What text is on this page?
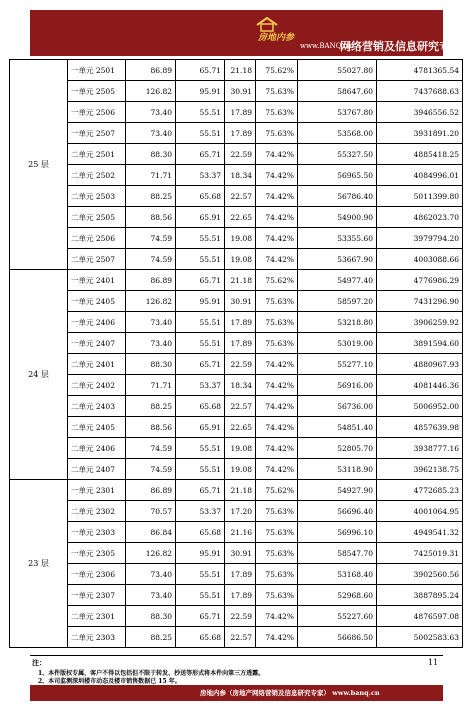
房地内参
www.BANQ.cn
网络营销及信息研究专家
25 层	一单元 2501	86.89	65.71	21.18	75.62%	55027.80	4781365.54
	一单元 2505	126.82	95.91	30.91	75.63%	58647.60	7437688.63
	一单元 2506	73.40	55.51	17.89	75.63%	53767.80	3946556.52
	一单元 2507	73.40	55.51	17.89	75.63%	53568.00	3931891.20
	二单元 2501	88.30	65.71	22.59	74.42%	55327.50	4885418.25
	二单元 2502	71.71	53.37	18.34	74.42%	56965.50	4084996.01
	二单元 2503	88.25	65.68	22.57	74.42%	56786.40	5011399.80
	二单元 2505	88.56	65.91	22.65	74.42%	54900.90	4862023.70
	二单元 2506	74.59	55.51	19.08	74.42%	53355.60	3979794.20
	二单元 2507	74.59	55.51	19.08	74.42%	53667.90	4003088.66
24 层	一单元 2401	86.89	65.71	21.18	75.62%	54977.40	4776986.29
	一单元 2405	126.82	95.91	30.91	75.63%	58597.20	7431296.90
	一单元 2406	73.40	55.51	17.89	75.63%	53218.80	3906259.92
	一单元 2407	73.40	55.51	17.89	75.63%	53019.00	3891594.60
	二单元 2401	88.30	65.71	22.59	74.42%	55277.10	4880967.93
	二单元 2402	71.71	53.37	18.34	74.42%	56916.00	4081446.36
	二单元 2403	88.25	65.68	22.57	74.42%	56736.00	5006952.00
	二单元 2405	88.56	65.91	22.65	74.42%	54851.40	4857639.98
	二单元 2406	74.59	55.51	19.08	74.42%	52805.70	3938777.16
	二单元 2407	74.59	55.51	19.08	74.42%	53118.90	3962138.75
23 层	一单元 2301	86.89	65.71	21.18	75.62%	54927.90	4772685.23
	二单元 2302	70.57	53.37	17.20	75.63%	56696.40	4001064.95
	一单元 2303	86.84	65.68	21.16	75.63%	56996.10	4949541.32
	一单元 2305	126.82	95.91	30.91	75.63%	58547.70	7425019.31
	一单元 2306	73.40	55.51	17.89	75.63%	53168.40	3902560.56
	一单元 2307	73.40	55.51	17.89	75.63%	52968.60	3887895.24
	二单元 2301	88.30	65.71	22.59	74.42%	55227.60	4876597.08
	二单元 2303	88.25	65.68	22.57	74.42%	56686.50	5002583.63
注：	11
1、本件版权专属，客户不得以包括但不限于转发、抄送等形式将本件向第三方透露。
2、本司监测深圳楼市动态及楼市销售数据已 15 年。
房地内参（房地产网络营销及信息研究专家） www.banq.cn
